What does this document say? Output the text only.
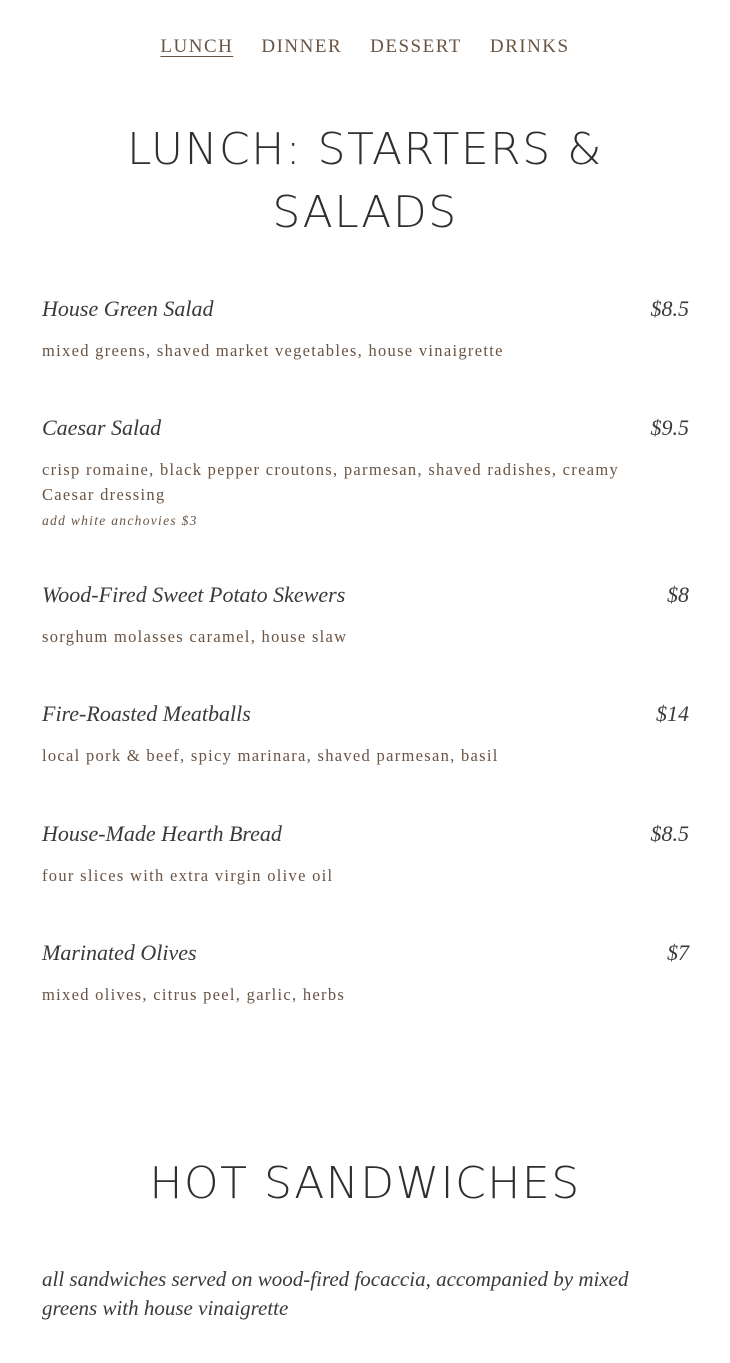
LUNCH DINNER DESSERT DRINKS
LUNCH: STARTERS & SALADS
House Green Salad	$8.5

mixed greens, shaved market vegetables, house vinaigrette

Caesar Salad	$9.5

crisp romaine, black pepper croutons, parmesan, shaved radishes, creamy Caesar dressing

add white anchovies $3
Wood-Fired Sweet Potato Skewers	$8

sorghum molasses caramel, house slaw

Fire-Roasted Meatballs	$14

local pork & beef, spicy marinara, shaved parmesan, basil

House-Made Hearth Bread	$8.5

four slices with extra virgin olive oil

Marinated Olives	$7

mixed olives, citrus peel, garlic, herbs

HOT SANDWICHES

all sandwiches served on wood-fired focaccia, accompanied by mixed greens with house vinaigrette
